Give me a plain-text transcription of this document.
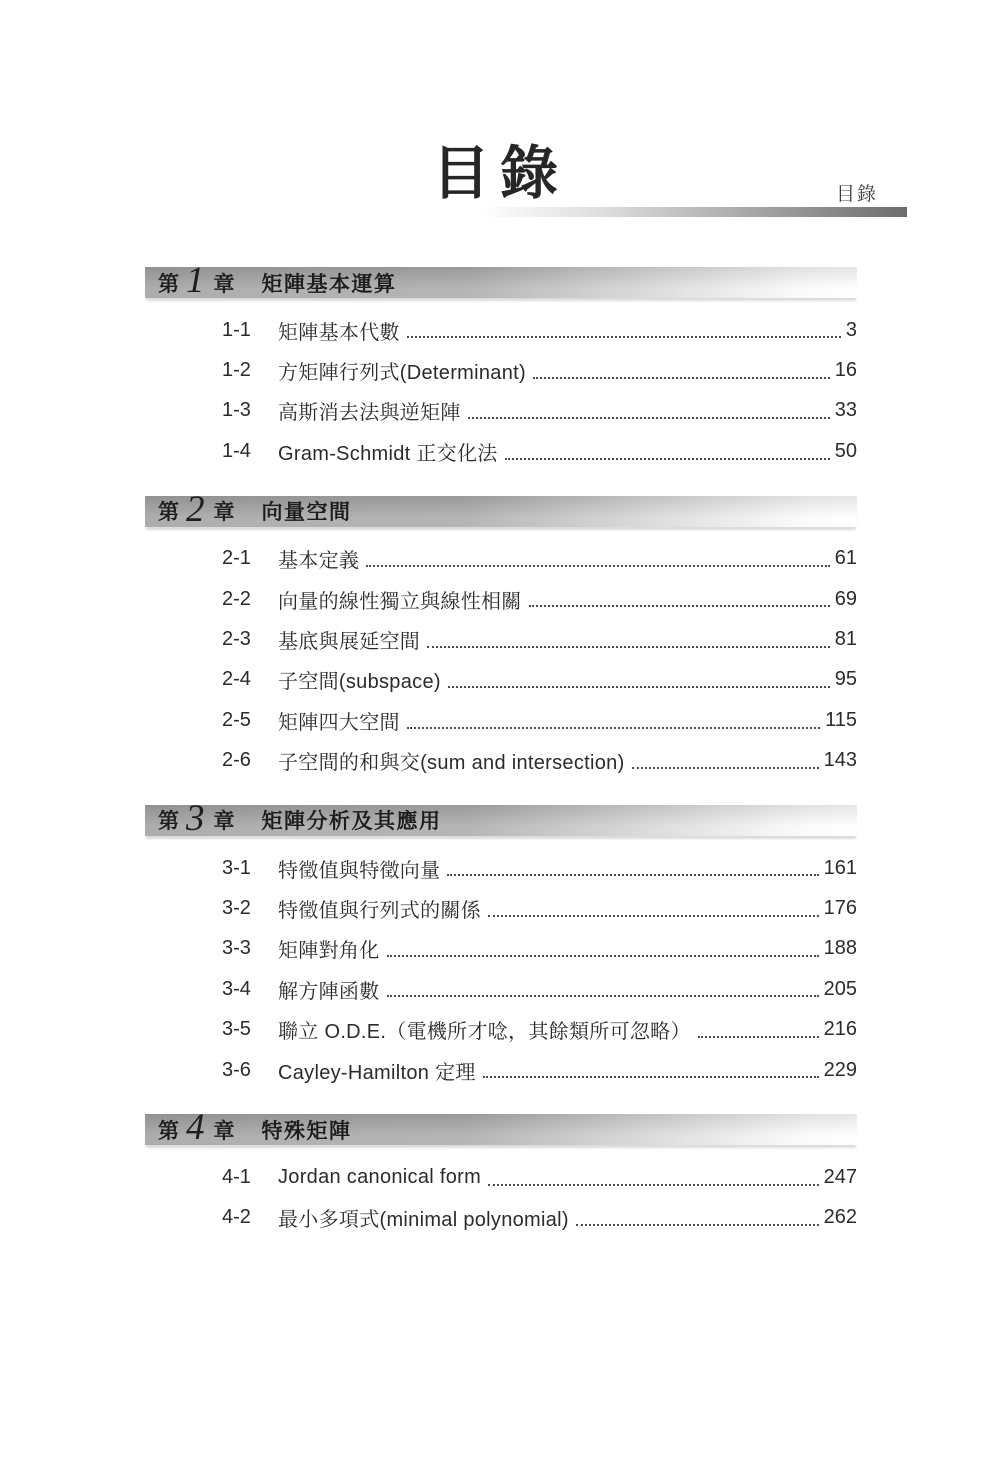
目錄
目錄
第 1 章 矩陣基本運算
1-1	矩陣基本代數	3
1-2	方矩陣行列式(Determinant)	16
1-3	高斯消去法與逆矩陣	33
1-4	Gram-Schmidt 正交化法	50
第 2 章 向量空間
2-1	基本定義	61
2-2	向量的線性獨立與線性相關	69
2-3	基底與展延空間	81
2-4	子空間(subspace)	95
2-5	矩陣四大空間	115
2-6	子空間的和與交(sum and intersection)	143
第 3 章 矩陣分析及其應用
3-1	特徵值與特徵向量	161
3-2	特徵值與行列式的關係	176
3-3	矩陣對角化	188
3-4	解方陣函數	205
3-5	聯立 O.D.E.（電機所才唸，其餘類所可忽略）	216
3-6	Cayley-Hamilton 定理	229
第 4 章 特殊矩陣
4-1	Jordan canonical form	247
4-2	最小多項式(minimal polynomial)	262
